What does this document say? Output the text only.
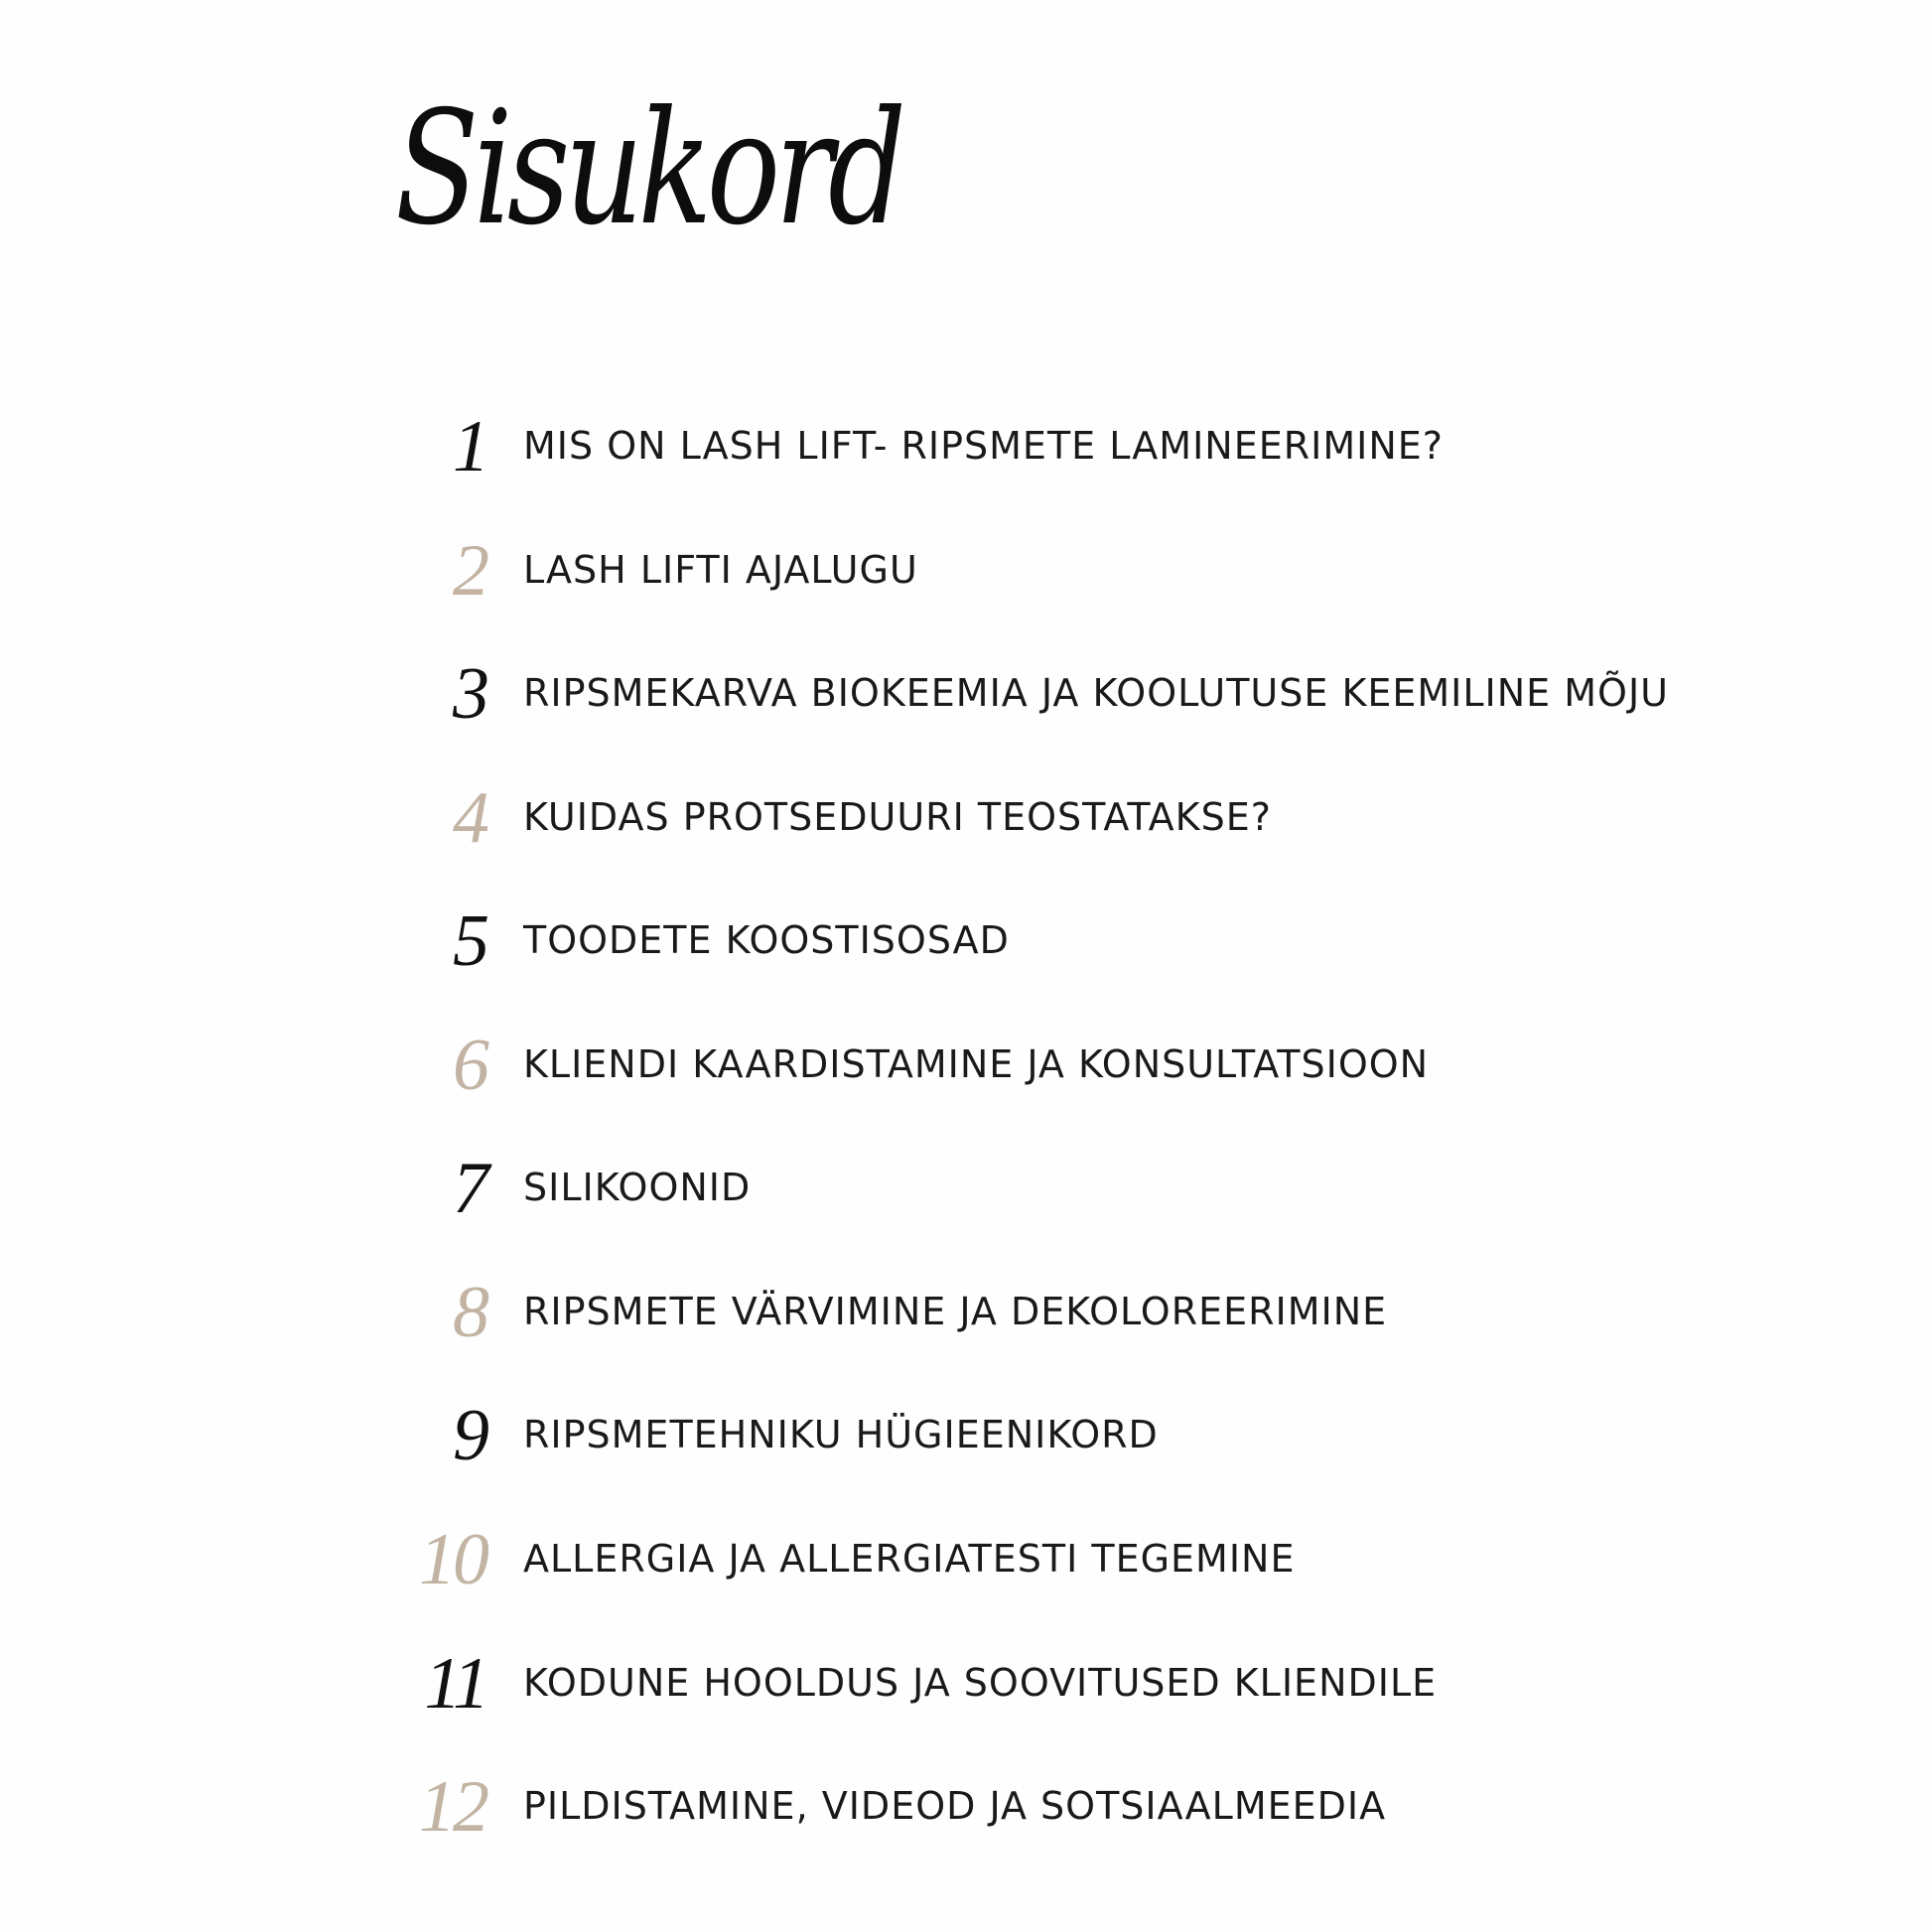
Sisukord
1 MIS ON LASH LIFT- RIPSMETE LAMINEERIMINE?
2 LASH LIFTI AJALUGU
3 RIPSMEKARVA BIOKEEMIA JA KOOLUTUSE KEEMILINE MÕJU
4 KUIDAS PROTSEDUURI TEOSTATAKSE?
5 TOODETE KOOSTISOSAD
6 KLIENDI KAARDISTAMINE JA KONSULTATSIOON
7 SILIKOONID
8 RIPSMETE VÄRVIMINE JA DEKOLOREERIMINE
9 RIPSMETEHNIKU HÜGIEENIKORD
10 ALLERGIA JA ALLERGIATESTI TEGEMINE
11 KODUNE HOOLDUS JA SOOVITUSED KLIENDILE
12 PILDISTAMINE, VIDEOD JA SOTSIAALMEEDIA
